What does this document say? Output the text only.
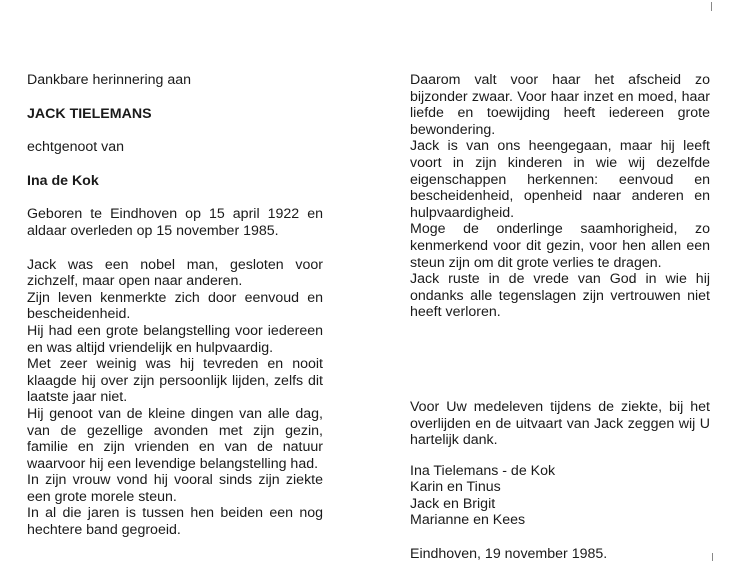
Dankbare herinnering aan

JACK TIELEMANS

echtgenoot van

Ina de Kok

Geboren te Eindhoven op 15 april 1922 en aldaar overleden op 15 november 1985.

Jack was een nobel man, gesloten voor zichzelf, maar open naar anderen.

Zijn leven kenmerkte zich door eenvoud en bescheidenheid.

Hij had een grote belangstelling voor iedereen en was altijd vriendelijk en hulpvaardig.

Met zeer weinig was hij tevreden en nooit klaagde hij over zijn persoonlijk lijden, zelfs dit laatste jaar niet.

Hij genoot van de kleine dingen van alle dag, van de gezellige avonden met zijn gezin, familie en zijn vrienden en van de natuur waarvoor hij een levendige belangstelling had.

In zijn vrouw vond hij vooral sinds zijn ziekte een grote morele steun.

In al die jaren is tussen hen beiden een nog hechtere band gegroeid.

Daarom valt voor haar het afscheid zo bijzonder zwaar. Voor haar inzet en moed, haar liefde en toewijding heeft iedereen grote bewondering.

Jack is van ons heengegaan, maar hij leeft voort in zijn kinderen in wie wij dezelfde eigenschappen herkennen: eenvoud en bescheidenheid, openheid naar anderen en hulpvaardigheid.

Moge de onderlinge saamhorigheid, zo kenmerkend voor dit gezin, voor hen allen een steun zijn om dit grote verlies te dragen.

Jack ruste in de vrede van God in wie hij ondanks alle tegenslagen zijn vertrouwen niet heeft verloren.

Voor Uw medeleven tijdens de ziekte, bij het overlijden en de uitvaart van Jack zeggen wij U hartelijk dank.

Ina Tielemans - de Kok

Karin en Tinus

Jack en Brigit

Marianne en Kees

Eindhoven, 19 november 1985.
